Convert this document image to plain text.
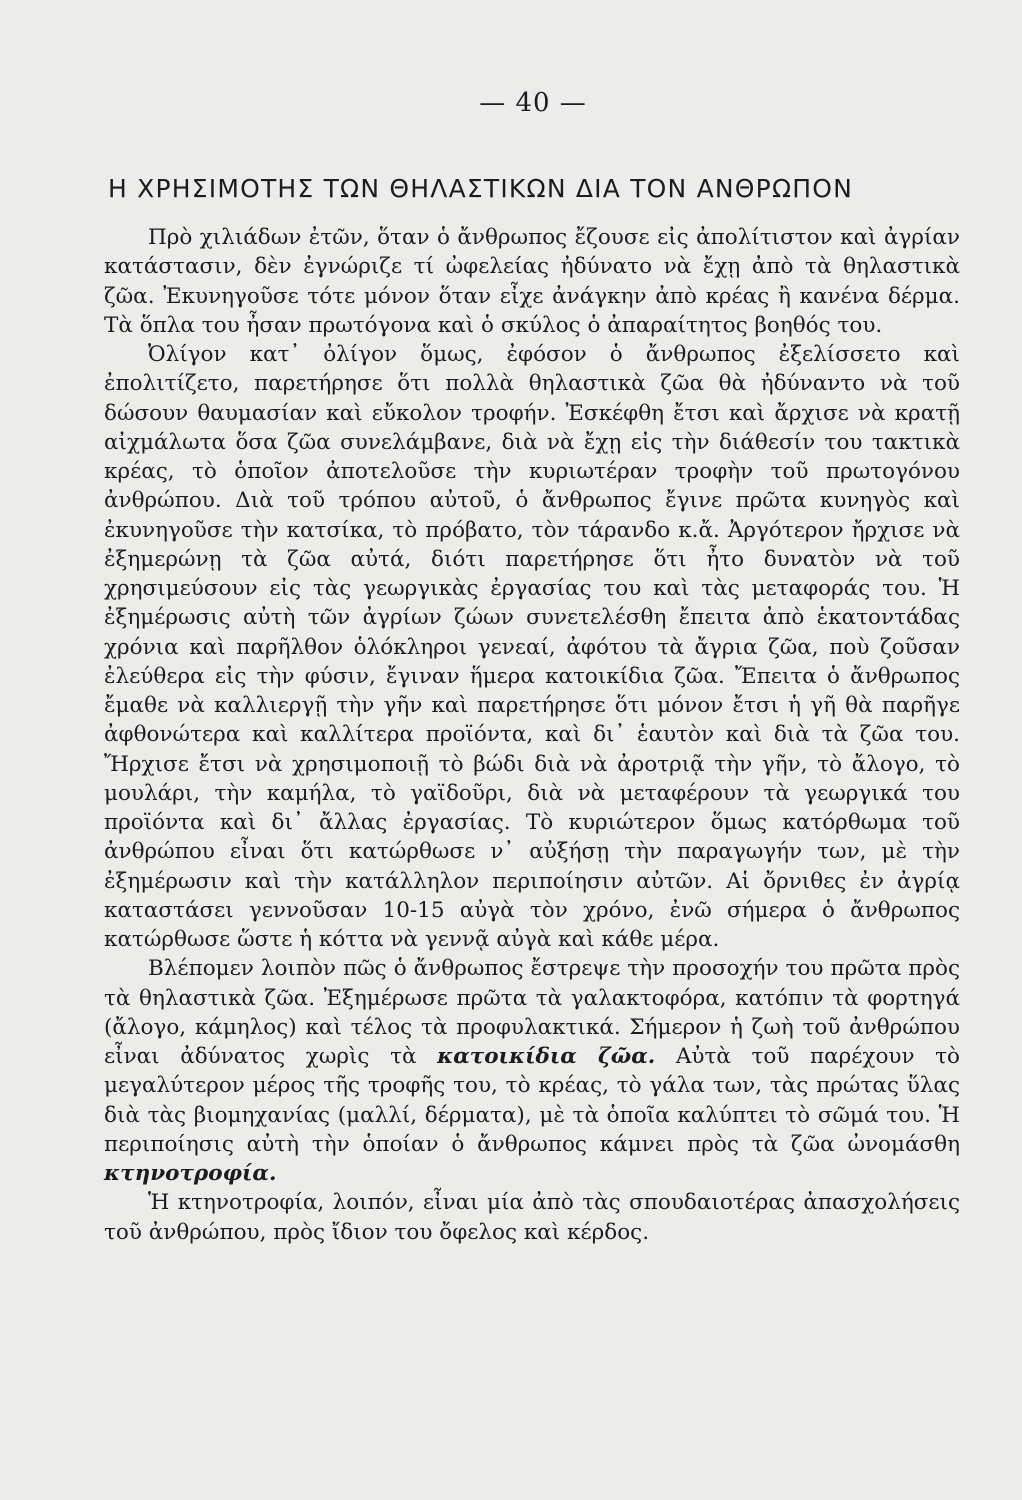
— 40 —
Η ΧΡΗΣΙΜΟΤΗΣ ΤΩΝ ΘΗΛΑΣΤΙΚΩΝ ΔΙΑ ΤΟΝ ΑΝΘΡΩΠΟΝ

Πρὸ χιλιάδων ἐτῶν, ὅταν ὁ ἄνθρωπος ἔζουσε εἰς ἀπολίτιστον καὶ ἀγρίαν κατάστασιν, δὲν ἐγνώριζε τί ὠφελείας ἠδύνατο νὰ ἔχῃ ἀπὸ τὰ θηλαστικὰ ζῶα. Ἐκυνηγοῦσε τότε μόνον ὅταν εἶχε ἀνάγκην ἀπὸ κρέας ἢ κανένα δέρμα. Τὰ ὅπλα του ἦσαν πρωτόγονα καὶ ὁ σκύλος ὁ ἀπαραίτητος βοηθός του.

Ὀλίγον κατ᾽ ὀλίγον ὅμως, ἐφόσον ὁ ἄνθρωπος ἐξελίσσετο καὶ ἐπολιτίζετο, παρετήρησε ὅτι πολλὰ θηλαστικὰ ζῶα θὰ ἠδύναντο νὰ τοῦ δώσουν θαυμασίαν καὶ εὔκολον τροφήν. Ἐσκέφθη ἔτσι καὶ ἄρχισε νὰ κρατῇ αἰχμάλωτα ὅσα ζῶα συνελάμβανε, διὰ νὰ ἔχῃ εἰς τὴν διάθεσίν του τακτικὰ κρέας, τὸ ὁποῖον ἀποτελοῦσε τὴν κυριωτέραν τροφὴν τοῦ πρωτογόνου ἀνθρώπου. Διὰ τοῦ τρόπου αὐτοῦ, ὁ ἄνθρωπος ἔγινε πρῶτα κυνηγὸς καὶ ἐκυνηγοῦσε τὴν κατσίκα, τὸ πρόβατο, τὸν τάρανδο κ.ἄ. Ἀργότερον ἤρχισε νὰ ἐξημερώνῃ τὰ ζῶα αὐτά, διότι παρετήρησε ὅτι ἦτο δυνατὸν νὰ τοῦ χρησιμεύσουν εἰς τὰς γεωργικὰς ἐργασίας του καὶ τὰς μεταφοράς του. Ἡ ἐξημέρωσις αὐτὴ τῶν ἀγρίων ζώων συνετελέσθη ἔπειτα ἀπὸ ἑκατοντάδας χρόνια καὶ παρῆλθον ὁλόκληροι γενεαί, ἀφότου τὰ ἄγρια ζῶα, ποὺ ζοῦσαν ἐλεύθερα εἰς τὴν φύσιν, ἔγιναν ἥμερα κατοικίδια ζῶα. Ἔπειτα ὁ ἄνθρωπος ἔμαθε νὰ καλλιεργῇ τὴν γῆν καὶ παρετήρησε ὅτι μόνον ἔτσι ἡ γῆ θὰ παρῆγε ἀφθονώτερα καὶ καλλίτερα προϊόντα, καὶ δι᾽ ἑαυτὸν καὶ διὰ τὰ ζῶα του. Ἤρχισε ἔτσι νὰ χρησιμοποιῇ τὸ βώδι διὰ νὰ ἀροτριᾷ τὴν γῆν, τὸ ἄλογο, τὸ μουλάρι, τὴν καμήλα, τὸ γαϊδοῦρι, διὰ νὰ μεταφέρουν τὰ γεωργικά του προϊόντα καὶ δι᾽ ἄλλας ἐργασίας. Τὸ κυριώτερον ὅμως κατόρθωμα τοῦ ἀνθρώπου εἶναι ὅτι κατώρθωσε ν᾽ αὐξήσῃ τὴν παραγωγήν των, μὲ τὴν ἐξημέρωσιν καὶ τὴν κατάλληλον περιποίησιν αὐτῶν. Αἱ ὄρνιθες ἐν ἀγρίᾳ καταστάσει γεννοῦσαν 10-15 αὐγὰ τὸν χρόνο, ἐνῶ σήμερα ὁ ἄνθρωπος κατώρθωσε ὥστε ἡ κόττα νὰ γεννᾷ αὐγὰ καὶ κάθε μέρα.

Βλέπομεν λοιπὸν πῶς ὁ ἄνθρωπος ἔστρεψε τὴν προσοχήν του πρῶτα πρὸς τὰ θηλαστικὰ ζῶα. Ἐξημέρωσε πρῶτα τὰ γαλακτοφόρα, κατόπιν τὰ φορτηγά (ἄλογο, κάμηλος) καὶ τέλος τὰ προφυλακτικά. Σήμερον ἡ ζωὴ τοῦ ἀνθρώπου εἶναι ἀδύνατος χωρὶς τὰ κατοικίδια ζῶα. Αὐτὰ τοῦ παρέχουν τὸ μεγαλύτερον μέρος τῆς τροφῆς του, τὸ κρέας, τὸ γάλα των, τὰς πρώτας ὕλας διὰ τὰς βιομηχανίας (μαλλί, δέρματα), μὲ τὰ ὁποῖα καλύπτει τὸ σῶμά του. Ἡ περιποίησις αὐτὴ τὴν ὁποίαν ὁ ἄνθρωπος κάμνει πρὸς τὰ ζῶα ὠνομάσθη κτηνοτροφία.

Ἡ κτηνοτροφία, λοιπόν, εἶναι μία ἀπὸ τὰς σπουδαιοτέρας ἀπασχολήσεις τοῦ ἀνθρώπου, πρὸς ἴδιον του ὄφελος καὶ κέρδος.
